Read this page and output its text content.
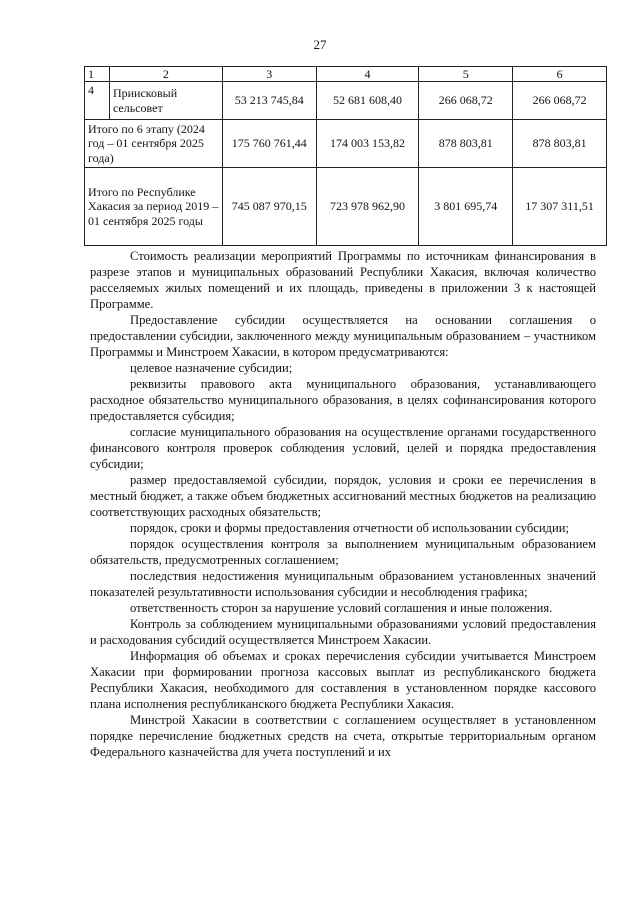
27
1	2	3	4	5	6
4	Приисковый сельсовет	53 213 745,84	52 681 608,40	266 068,72	266 068,72
Итого по 6 этапу (2024 год – 01 сентября 2025 года)		175 760 761,44	174 003 153,82	878 803,81	878 803,81
Итого по Республике Хакасия за период 2019 – 01 сентября 2025 годы		745 087 970,15	723 978 962,90	3 801 695,74	17 307 311,51

Стоимость реализации мероприятий Программы по источникам финансирования в разрезе этапов и муниципальных образований Республики Хакасия, включая количество расселяемых жилых помещений и их площадь, приведены в приложении 3 к настоящей Программе.

Предоставление субсидии осуществляется на основании соглашения о предоставлении субсидии, заключенного между муниципальным образованием – участником Программы и Минстроем Хакасии, в котором предусматриваются:

целевое назначение субсидии;

реквизиты правового акта муниципального образования, устанавливающего расходное обязательство муниципального образования, в целях софинансирования которого предоставляется субсидия;

согласие муниципального образования на осуществление органами государственного финансового контроля проверок соблюдения условий, целей и порядка предоставления субсидии;

размер предоставляемой субсидии, порядок, условия и сроки ее перечисления в местный бюджет, а также объем бюджетных ассигнований местных бюджетов на реализацию соответствующих расходных обязательств;

порядок, сроки и формы предоставления отчетности об использовании субсидии;

порядок осуществления контроля за выполнением муниципальным образованием обязательств, предусмотренных соглашением;

последствия недостижения муниципальным образованием установленных значений показателей результативности использования субсидии и несоблюдения графика;

ответственность сторон за нарушение условий соглашения и иные положения.

Контроль за соблюдением муниципальными образованиями условий предоставления и расходования субсидий осуществляется Минстроем Хакасии.

Информация об объемах и сроках перечисления субсидии учитывается Минстроем Хакасии при формировании прогноза кассовых выплат из республиканского бюджета Республики Хакасия, необходимого для составления в установленном порядке кассового плана исполнения республиканского бюджета Республики Хакасия.

Минстрой Хакасии в соответствии с соглашением осуществляет в установленном порядке перечисление бюджетных средств на счета, открытые территориальным органом Федерального казначейства для учета поступлений и их
